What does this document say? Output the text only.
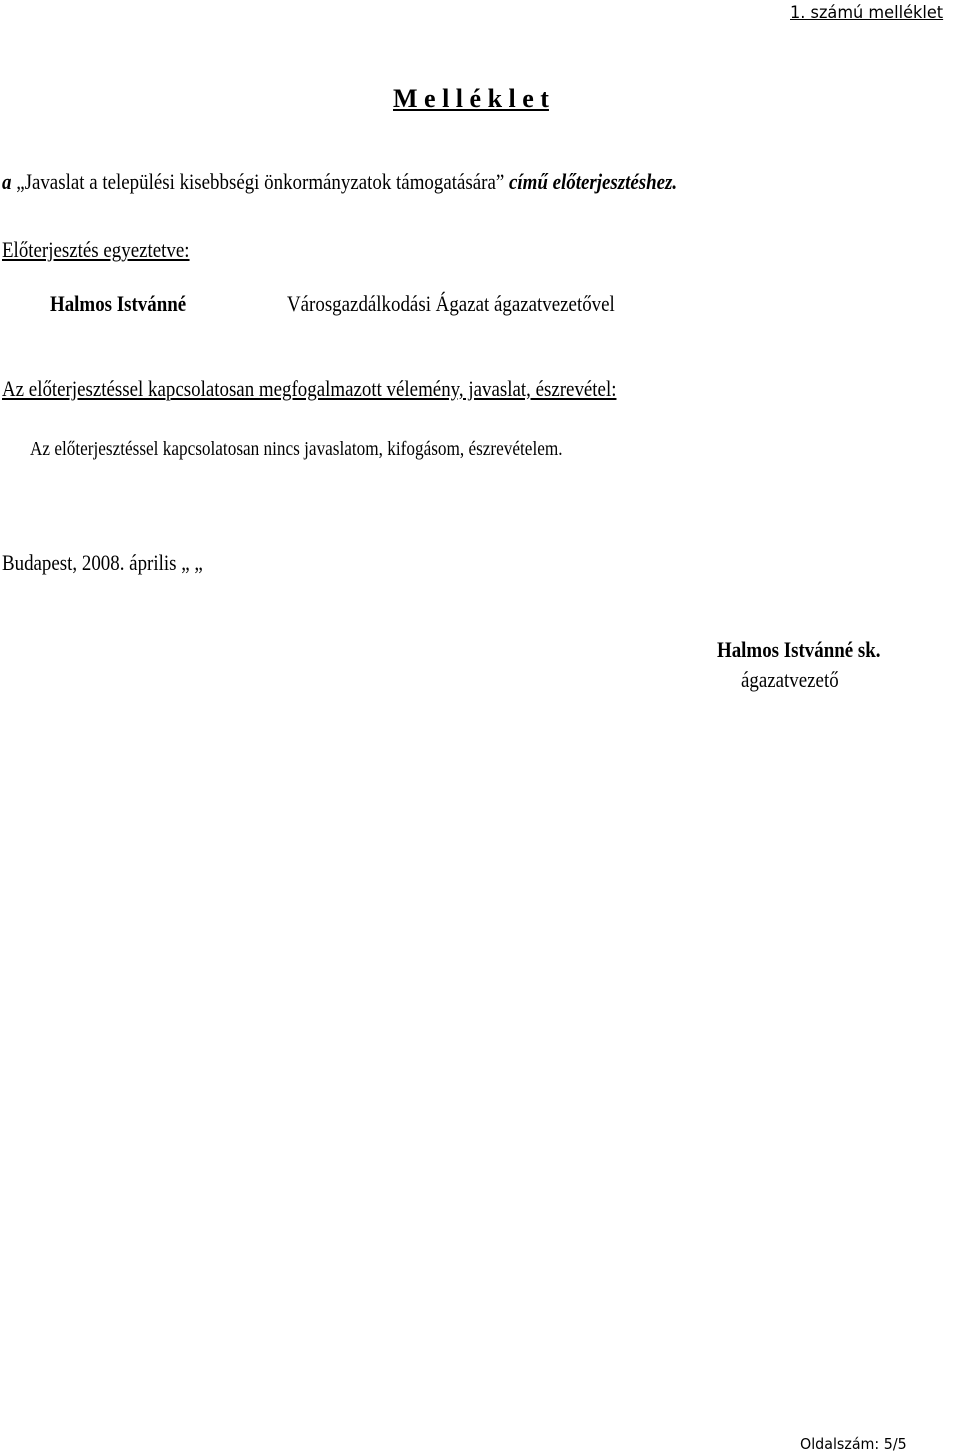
1. számú melléklet
M e l l é k l e t
a „Javaslat a települési kisebbségi önkormányzatok támogatására” című előterjesztéshez.
Előterjesztés egyeztetve:
Halmos Istvánné	Városgazdálkodási Ágazat ágazatvezetővel
Az előterjesztéssel kapcsolatosan megfogalmazott vélemény, javaslat, észrevétel:
Az előterjesztéssel kapcsolatosan nincs javaslatom, kifogásom, észrevételem.
Budapest, 2008. április „ „
Halmos Istvánné sk.
ágazatvezető
Oldalszám: 5/5
